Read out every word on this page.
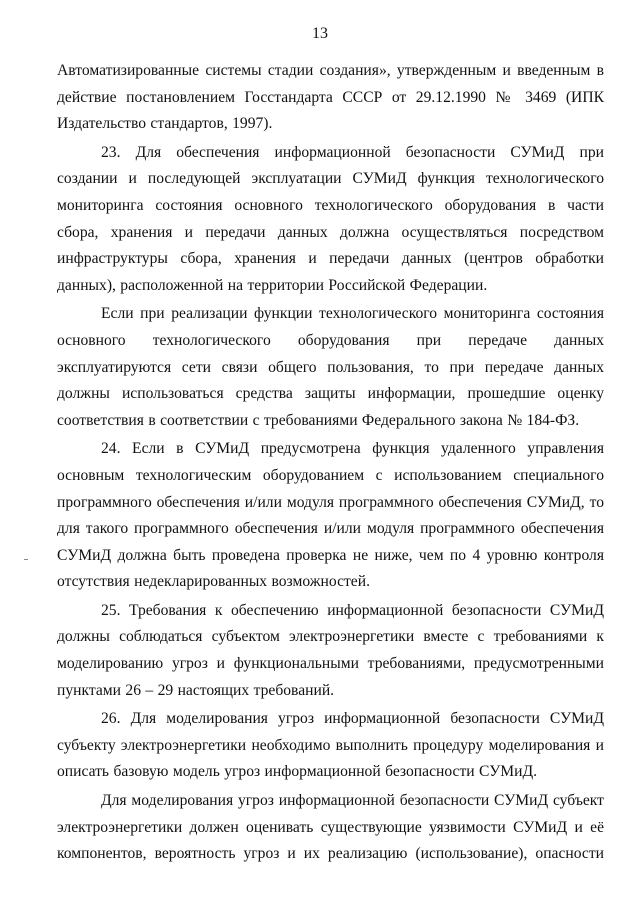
13

Автоматизированные системы стадии создания», утвержденным и введенным в действие постановлением Госстандарта СССР от 29.12.1990 № 3469 (ИПК Издательство стандартов, 1997).

23. Для обеспечения информационной безопасности СУМиД при создании и последующей эксплуатации СУМиД функция технологического мониторинга состояния основного технологического оборудования в части сбора, хранения и передачи данных должна осуществляться посредством инфраструктуры сбора, хранения и передачи данных (центров обработки данных), расположенной на территории Российской Федерации.

Если при реализации функции технологического мониторинга состояния основного технологического оборудования при передаче данных эксплуатируются сети связи общего пользования, то при передаче данных должны использоваться средства защиты информации, прошедшие оценку соответствия в соответствии с требованиями Федерального закона № 184-ФЗ.

24. Если в СУМиД предусмотрена функция удаленного управления основным технологическим оборудованием с использованием специального программного обеспечения и/или модуля программного обеспечения СУМиД, то для такого программного обеспечения и/или модуля программного обеспечения СУМиД должна быть проведена проверка не ниже, чем по 4 уровню контроля отсутствия недекларированных возможностей.

25. Требования к обеспечению информационной безопасности СУМиД должны соблюдаться субъектом электроэнергетики вместе с требованиями к моделированию угроз и функциональными требованиями, предусмотренными пунктами 26 – 29 настоящих требований.

26. Для моделирования угроз информационной безопасности СУМиД субъекту электроэнергетики необходимо выполнить процедуру моделирования и описать базовую модель угроз информационной безопасности СУМиД.

Для моделирования угроз информационной безопасности СУМиД субъект электроэнергетики должен оценивать существующие уязвимости СУМиД и её компонентов, вероятность угроз и их реализацию (использование), опасности
